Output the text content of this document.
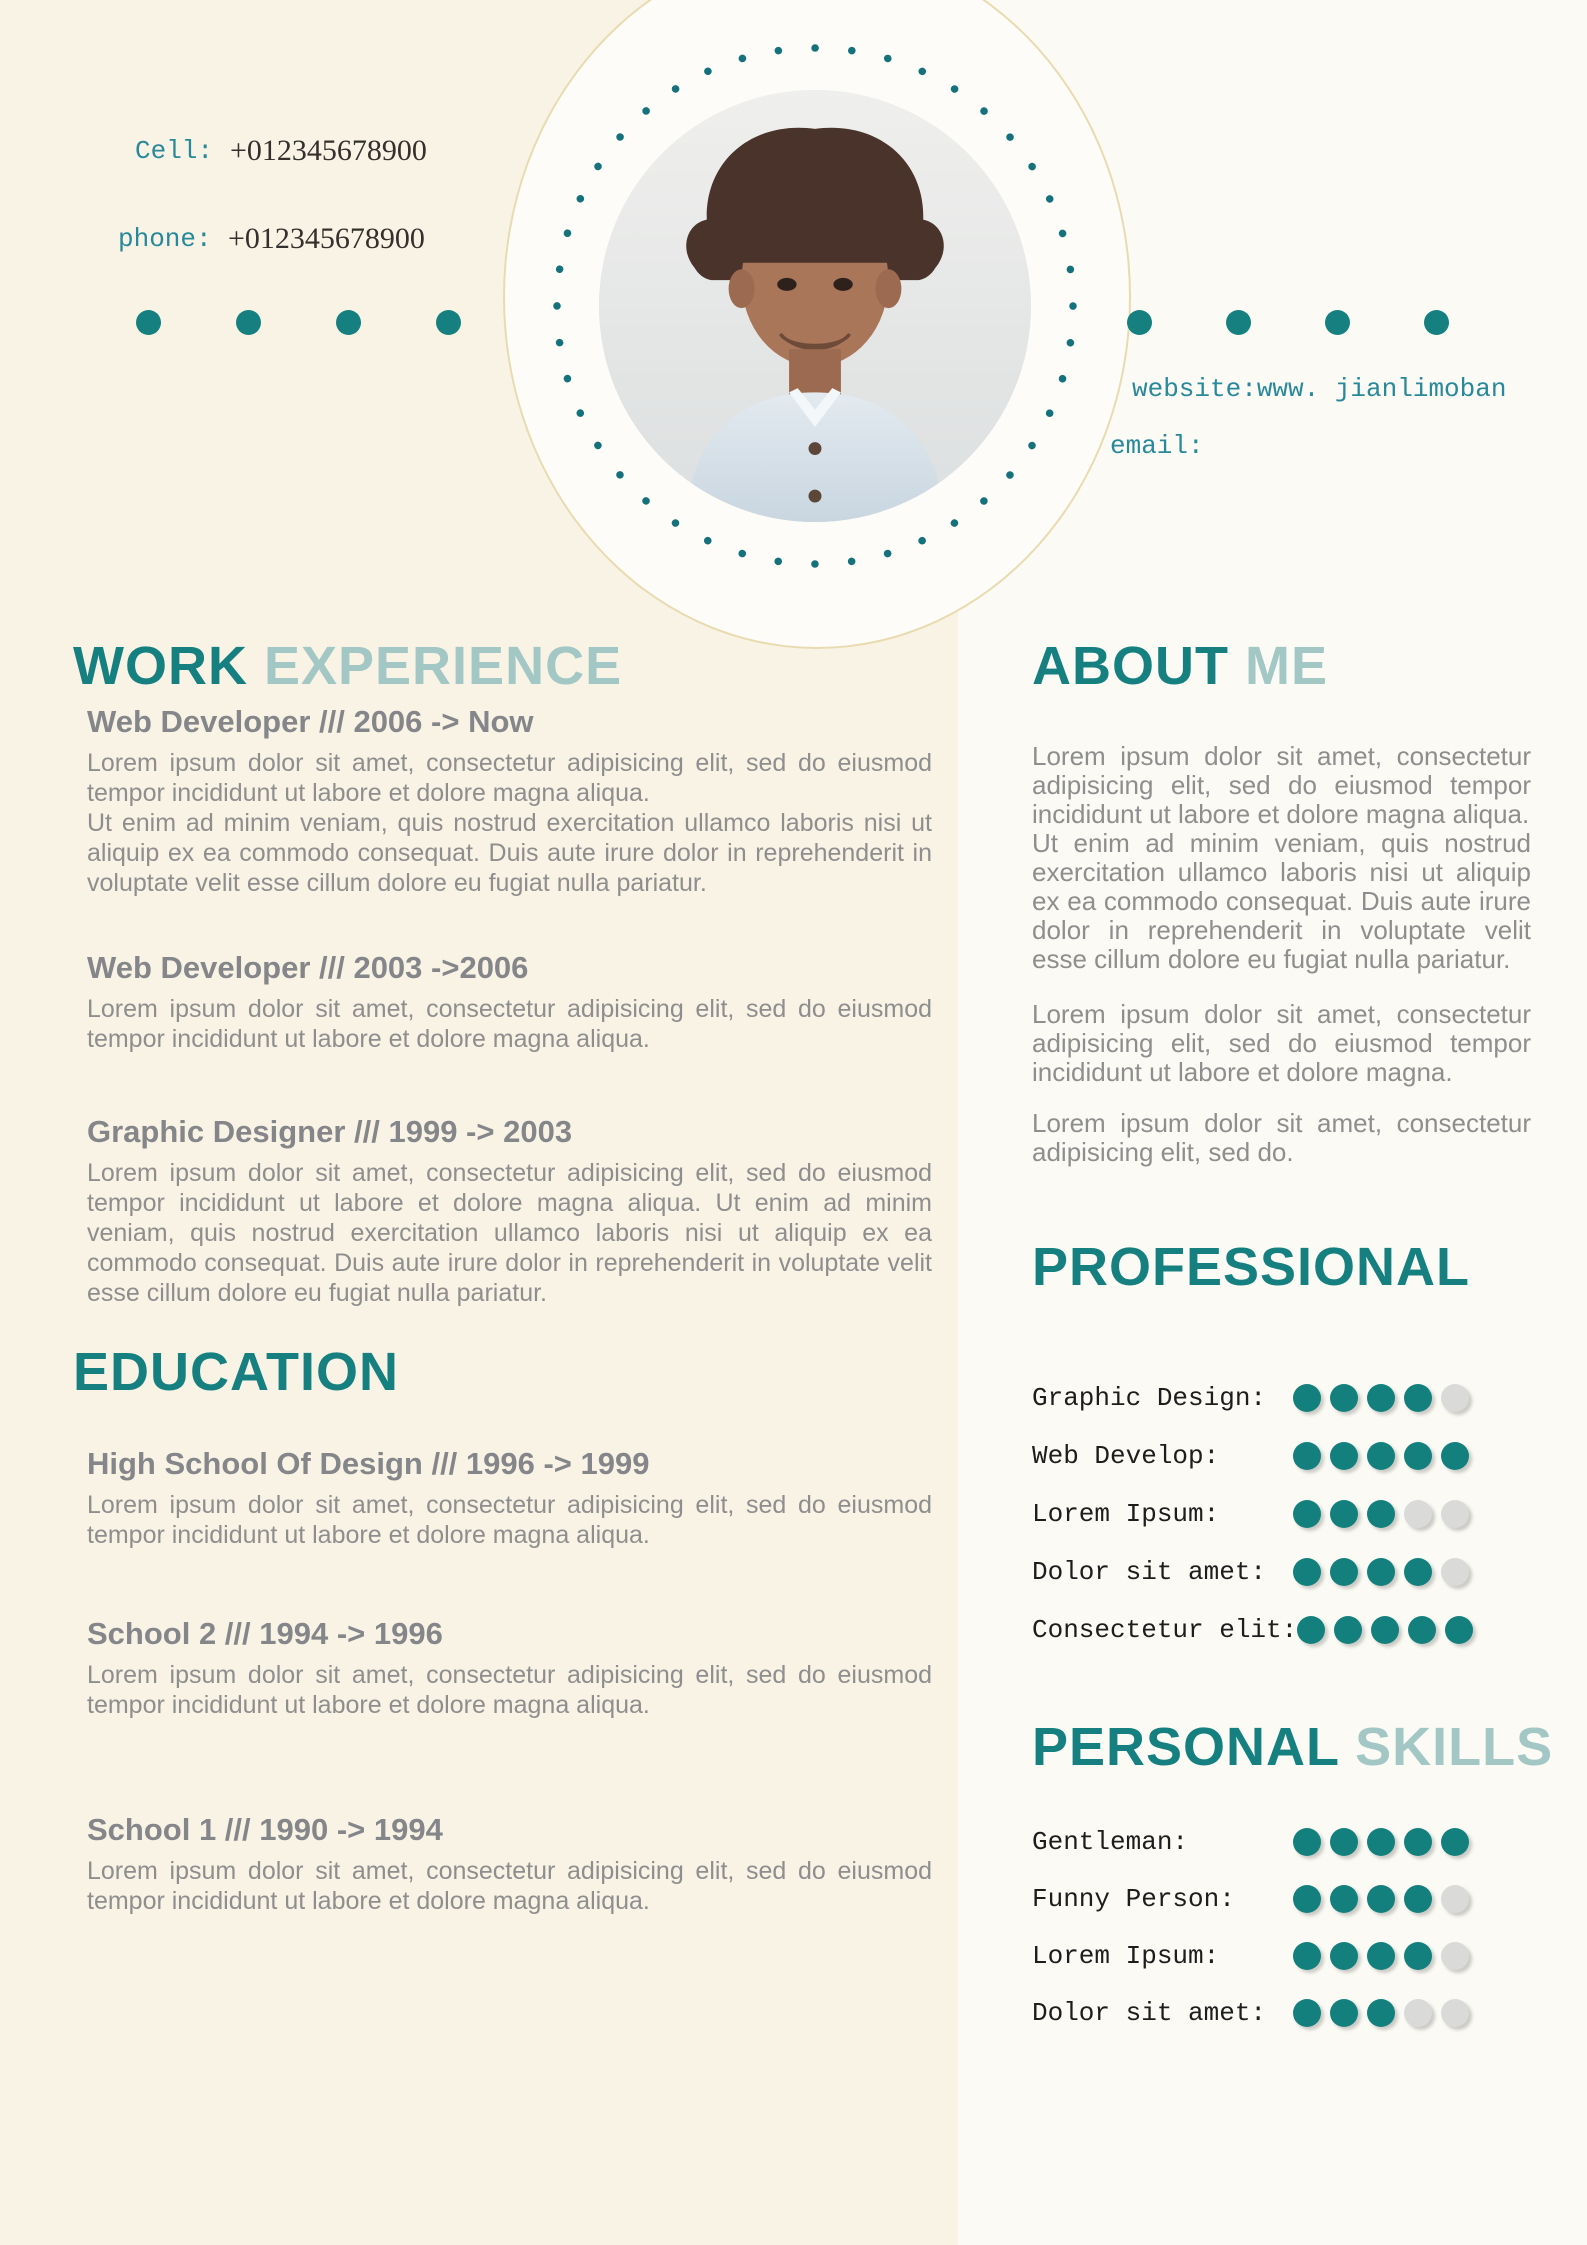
Cell: +012345678900
phone: +012345678900
website:www. jianlimoban
email:
WORK EXPERIENCE
Web Developer /// 2006 -> Now

Lorem ipsum dolor sit amet, consectetur adipisicing elit, sed do eiusmod tempor incididunt ut labore et dolore magna aliqua.

Ut enim ad minim veniam, quis nostrud exercitation ullamco laboris nisi ut aliquip ex ea commodo consequat. Duis aute irure dolor in reprehenderit in voluptate velit esse cillum dolore eu fugiat nulla pariatur.

Web Developer /// 2003 ->2006

Lorem ipsum dolor sit amet, consectetur adipisicing elit, sed do eiusmod tempor incididunt ut labore et dolore magna aliqua.

Graphic Designer /// 1999 -> 2003

Lorem ipsum dolor sit amet, consectetur adipisicing elit, sed do eiusmod tempor incididunt ut labore et dolore magna aliqua. Ut enim ad minim veniam, quis nostrud exercitation ullamco laboris nisi ut aliquip ex ea commodo consequat. Duis aute irure dolor in reprehenderit in voluptate velit esse cillum dolore eu fugiat nulla pariatur.

EDUCATION
High School Of Design /// 1996 -> 1999

Lorem ipsum dolor sit amet, consectetur adipisicing elit, sed do eiusmod tempor incididunt ut labore et dolore magna aliqua.

School 2 /// 1994 -> 1996

Lorem ipsum dolor sit amet, consectetur adipisicing elit, sed do eiusmod tempor incididunt ut labore et dolore magna aliqua.

School 1 /// 1990 -> 1994

Lorem ipsum dolor sit amet, consectetur adipisicing elit, sed do eiusmod tempor incididunt ut labore et dolore magna aliqua.

ABOUT ME

Lorem ipsum dolor sit amet, consectetur adipisicing elit, sed do eiusmod tempor incididunt ut labore et dolore magna aliqua.

Ut enim ad minim veniam, quis nostrud exercitation ullamco laboris nisi ut aliquip ex ea commodo consequat. Duis aute irure dolor in reprehenderit in voluptate velit esse cillum dolore eu fugiat nulla pariatur.

Lorem ipsum dolor sit amet, consectetur adipisicing elit, sed do eiusmod tempor incididunt ut labore et dolore magna.

Lorem ipsum dolor sit amet, consectetur adipisicing elit, sed do.

PROFESSIONAL
Graphic Design:
Web Develop:
Lorem Ipsum:
Dolor sit amet:
Consectetur elit:
PERSONAL SKILLS
Gentleman:
Funny Person:
Lorem Ipsum:
Dolor sit amet:
